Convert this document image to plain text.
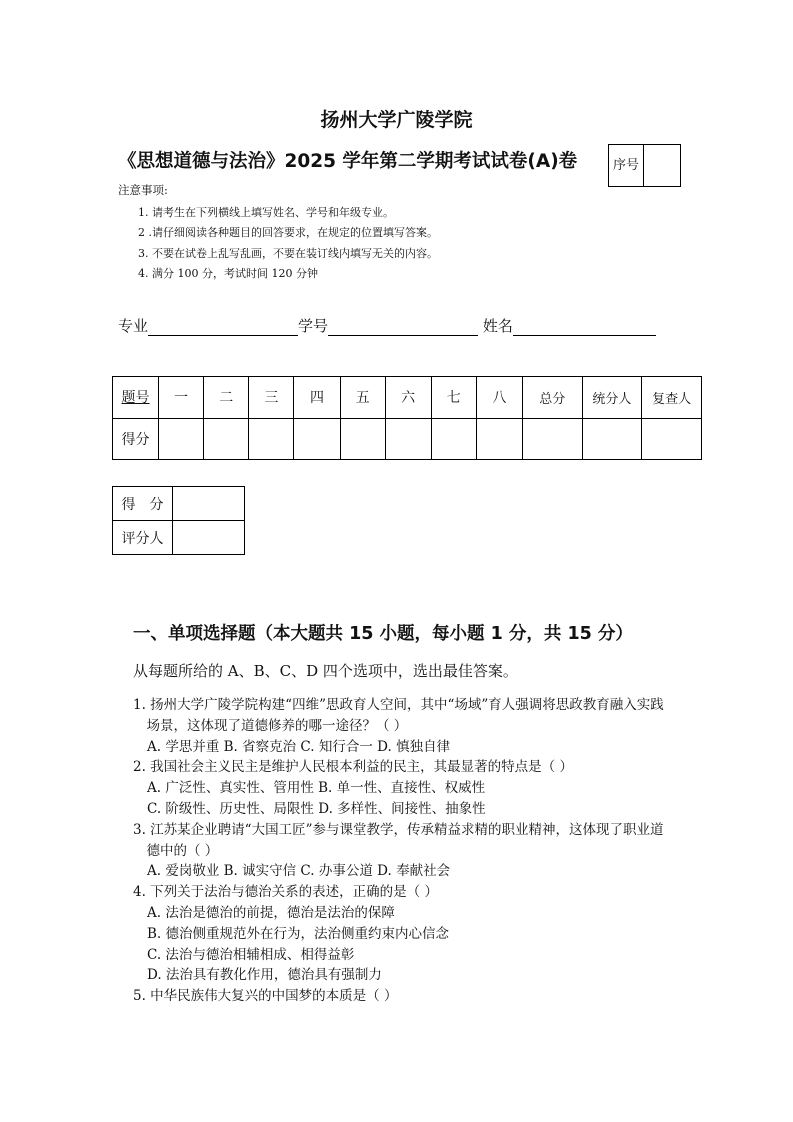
扬州大学广陵学院
《思想道德与法治》2025 学年第二学期考试试卷(A)卷	序号	
注意事项:
1. 请考生在下列横线上填写姓名、学号和年级专业。
2 .请仔细阅读各种题目的回答要求，在规定的位置填写答案。
3. 不要在试卷上乱写乱画，不要在装订线内填写无关的内容。
4. 满分 100 分，考试时间 120 分钟
专业	学号	姓名
题号	一	二	三	四	五	六	七	八	总分	统分人	复查人
得分											
得　分	
评分人	
一、单项选择题（本大题共 15 小题，每小题 1 分，共 15 分）
从每题所给的 A、B、C、D 四个选项中，选出最佳答案。
1. 扬州大学广陵学院构建“四维”思政育人空间，其中“场域”育人强调将思政教育融入实践
　场景，这体现了道德修养的哪一途径？（ ）
A. 学思并重 B. 省察克治 C. 知行合一 D. 慎独自律
2. 我国社会主义民主是维护人民根本利益的民主，其最显著的特点是（ ）
A. 广泛性、真实性、管用性 B. 单一性、直接性、权威性
C. 阶级性、历史性、局限性 D. 多样性、间接性、抽象性
3. 江苏某企业聘请“大国工匠”参与课堂教学，传承精益求精的职业精神，这体现了职业道
　德中的（ ）
A. 爱岗敬业 B. 诚实守信 C. 办事公道 D. 奉献社会
4. 下列关于法治与德治关系的表述，正确的是（ ）
A. 法治是德治的前提，德治是法治的保障
B. 德治侧重规范外在行为，法治侧重约束内心信念
C. 法治与德治相辅相成、相得益彰
D. 法治具有教化作用，德治具有强制力
5. 中华民族伟大复兴的中国梦的本质是（ ）
